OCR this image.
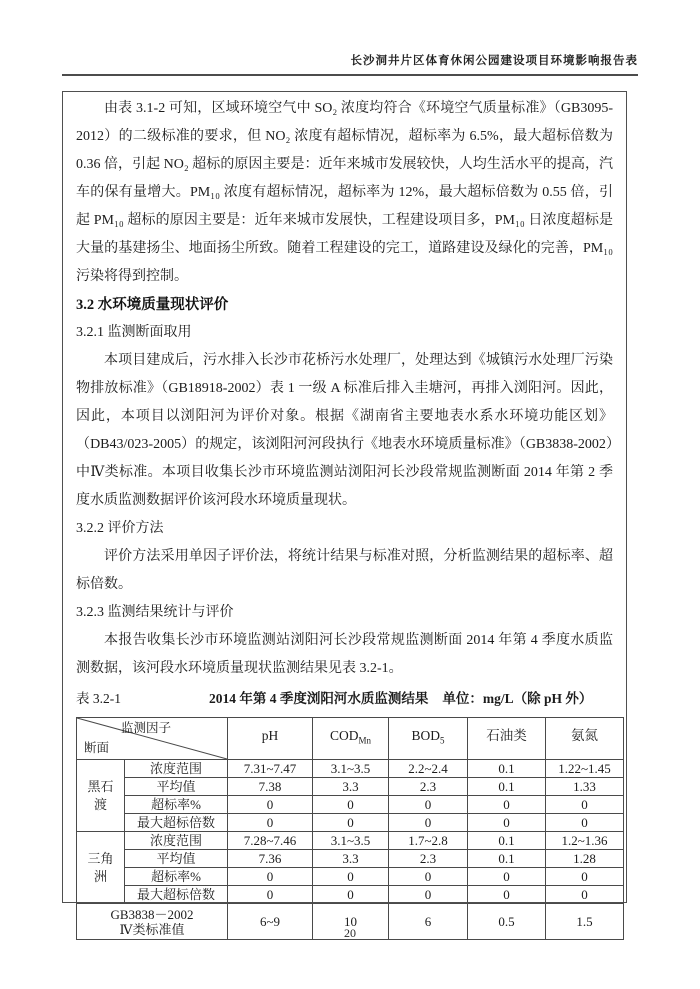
长沙洞井片区体育休闲公园建设项目环境影响报告表

由表 3.1-2 可知，区域环境空气中 SO₂ 浓度均符合《环境空气质量标准》（GB3095-2012）的二级标准的要求，但 NO₂ 浓度有超标情况，超标率为 6.5%，最大超标倍数为 0.36 倍，引起 NO₂ 超标的原因主要是：近年来城市发展较快，人均生活水平的提高，汽车的保有量增大。PM₁₀ 浓度有超标情况，超标率为 12%，最大超标倍数为 0.55 倍，引起 PM₁₀ 超标的原因主要是：近年来城市发展快，工程建设项目多，PM₁₀ 日浓度超标是大量的基建扬尘、地面扬尘所致。随着工程建设的完工，道路建设及绿化的完善，PM₁₀ 污染将得到控制。

3.2 水环境质量现状评价
3.2.1 监测断面取用

本项目建成后，污水排入长沙市花桥污水处理厂，处理达到《城镇污水处理厂污染物排放标准》（GB18918-2002）表 1 一级 A 标准后排入圭塘河，再排入浏阳河。因此，因此，本项目以浏阳河为评价对象。根据《湖南省主要地表水系水环境功能区划》（DB43/023-2005）的规定，该浏阳河河段执行《地表水环境质量标准》（GB3838-2002）中Ⅳ类标准。本项目收集长沙市环境监测站浏阳河长沙段常规监测断面 2014 年第 2 季度水质监测数据评价该河段水环境质量现状。

3.2.2 评价方法

评价方法采用单因子评价法，将统计结果与标准对照，分析监测结果的超标率、超标倍数。

3.2.3 监测结果统计与评价

本报告收集长沙市环境监测站浏阳河长沙段常规监测断面 2014 年第 4 季度水质监测数据，该河段水环境质量现状监测结果见表 3.2-1。

表 3.2-1	2014 年第 4 季度浏阳河水质监测结果 单位：mg/L（除 pH 外）
监测因子
断面		pH	$COD_{Mn}$	$BOD_5$	石油类	氨氮
黑石渡	浓度范围	7.31~7.47	3.1~3.5	2.2~2.4	0.1	1.22~1.45
	平均值	7.38	3.3	2.3	0.1	1.33
	超标率%	0	0	0	0	0
	最大超标倍数	0	0	0	0	0
三角洲	浓度范围	7.28~7.46	3.1~3.5	1.7~2.8	0.1	1.2~1.36
	平均值	7.36	3.3	2.3	0.1	1.28
	超标率%	0	0	0	0	0
	最大超标倍数	0	0	0	0	0

GB3838－2002
Ⅳ类标准值		6~9	10	6	0.5	1.5
20
